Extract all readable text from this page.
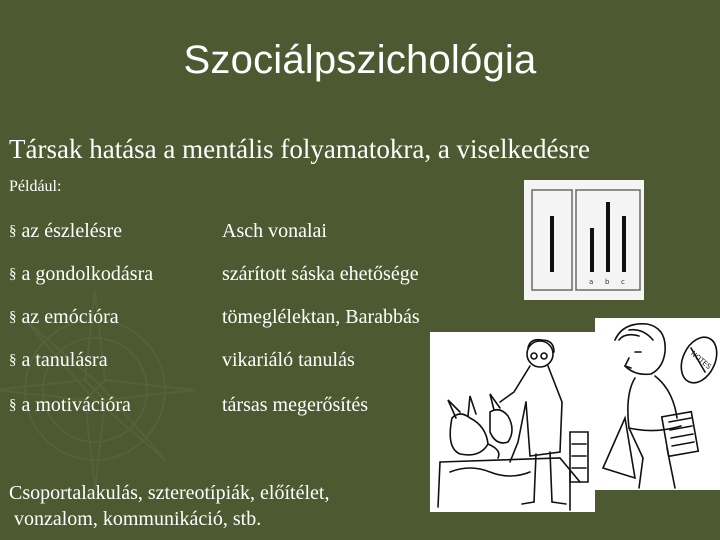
Szociálpszichológia
Társak hatása a mentális folyamatokra, a viselkedésre
Például:
§ az észlelésre	Asch vonalai
§ a gondolkodásra	szárított sáska ehetősége
§ az emócióra	tömeglélektan, Barabbás
§ a tanulásra	vikariáló tanulás
§ a motivációra	társas megerősítés
a b c
NOTES
Csoportalakulás, sztereotípiák, előítélet,
vonzalom, kommunikáció, stb.
